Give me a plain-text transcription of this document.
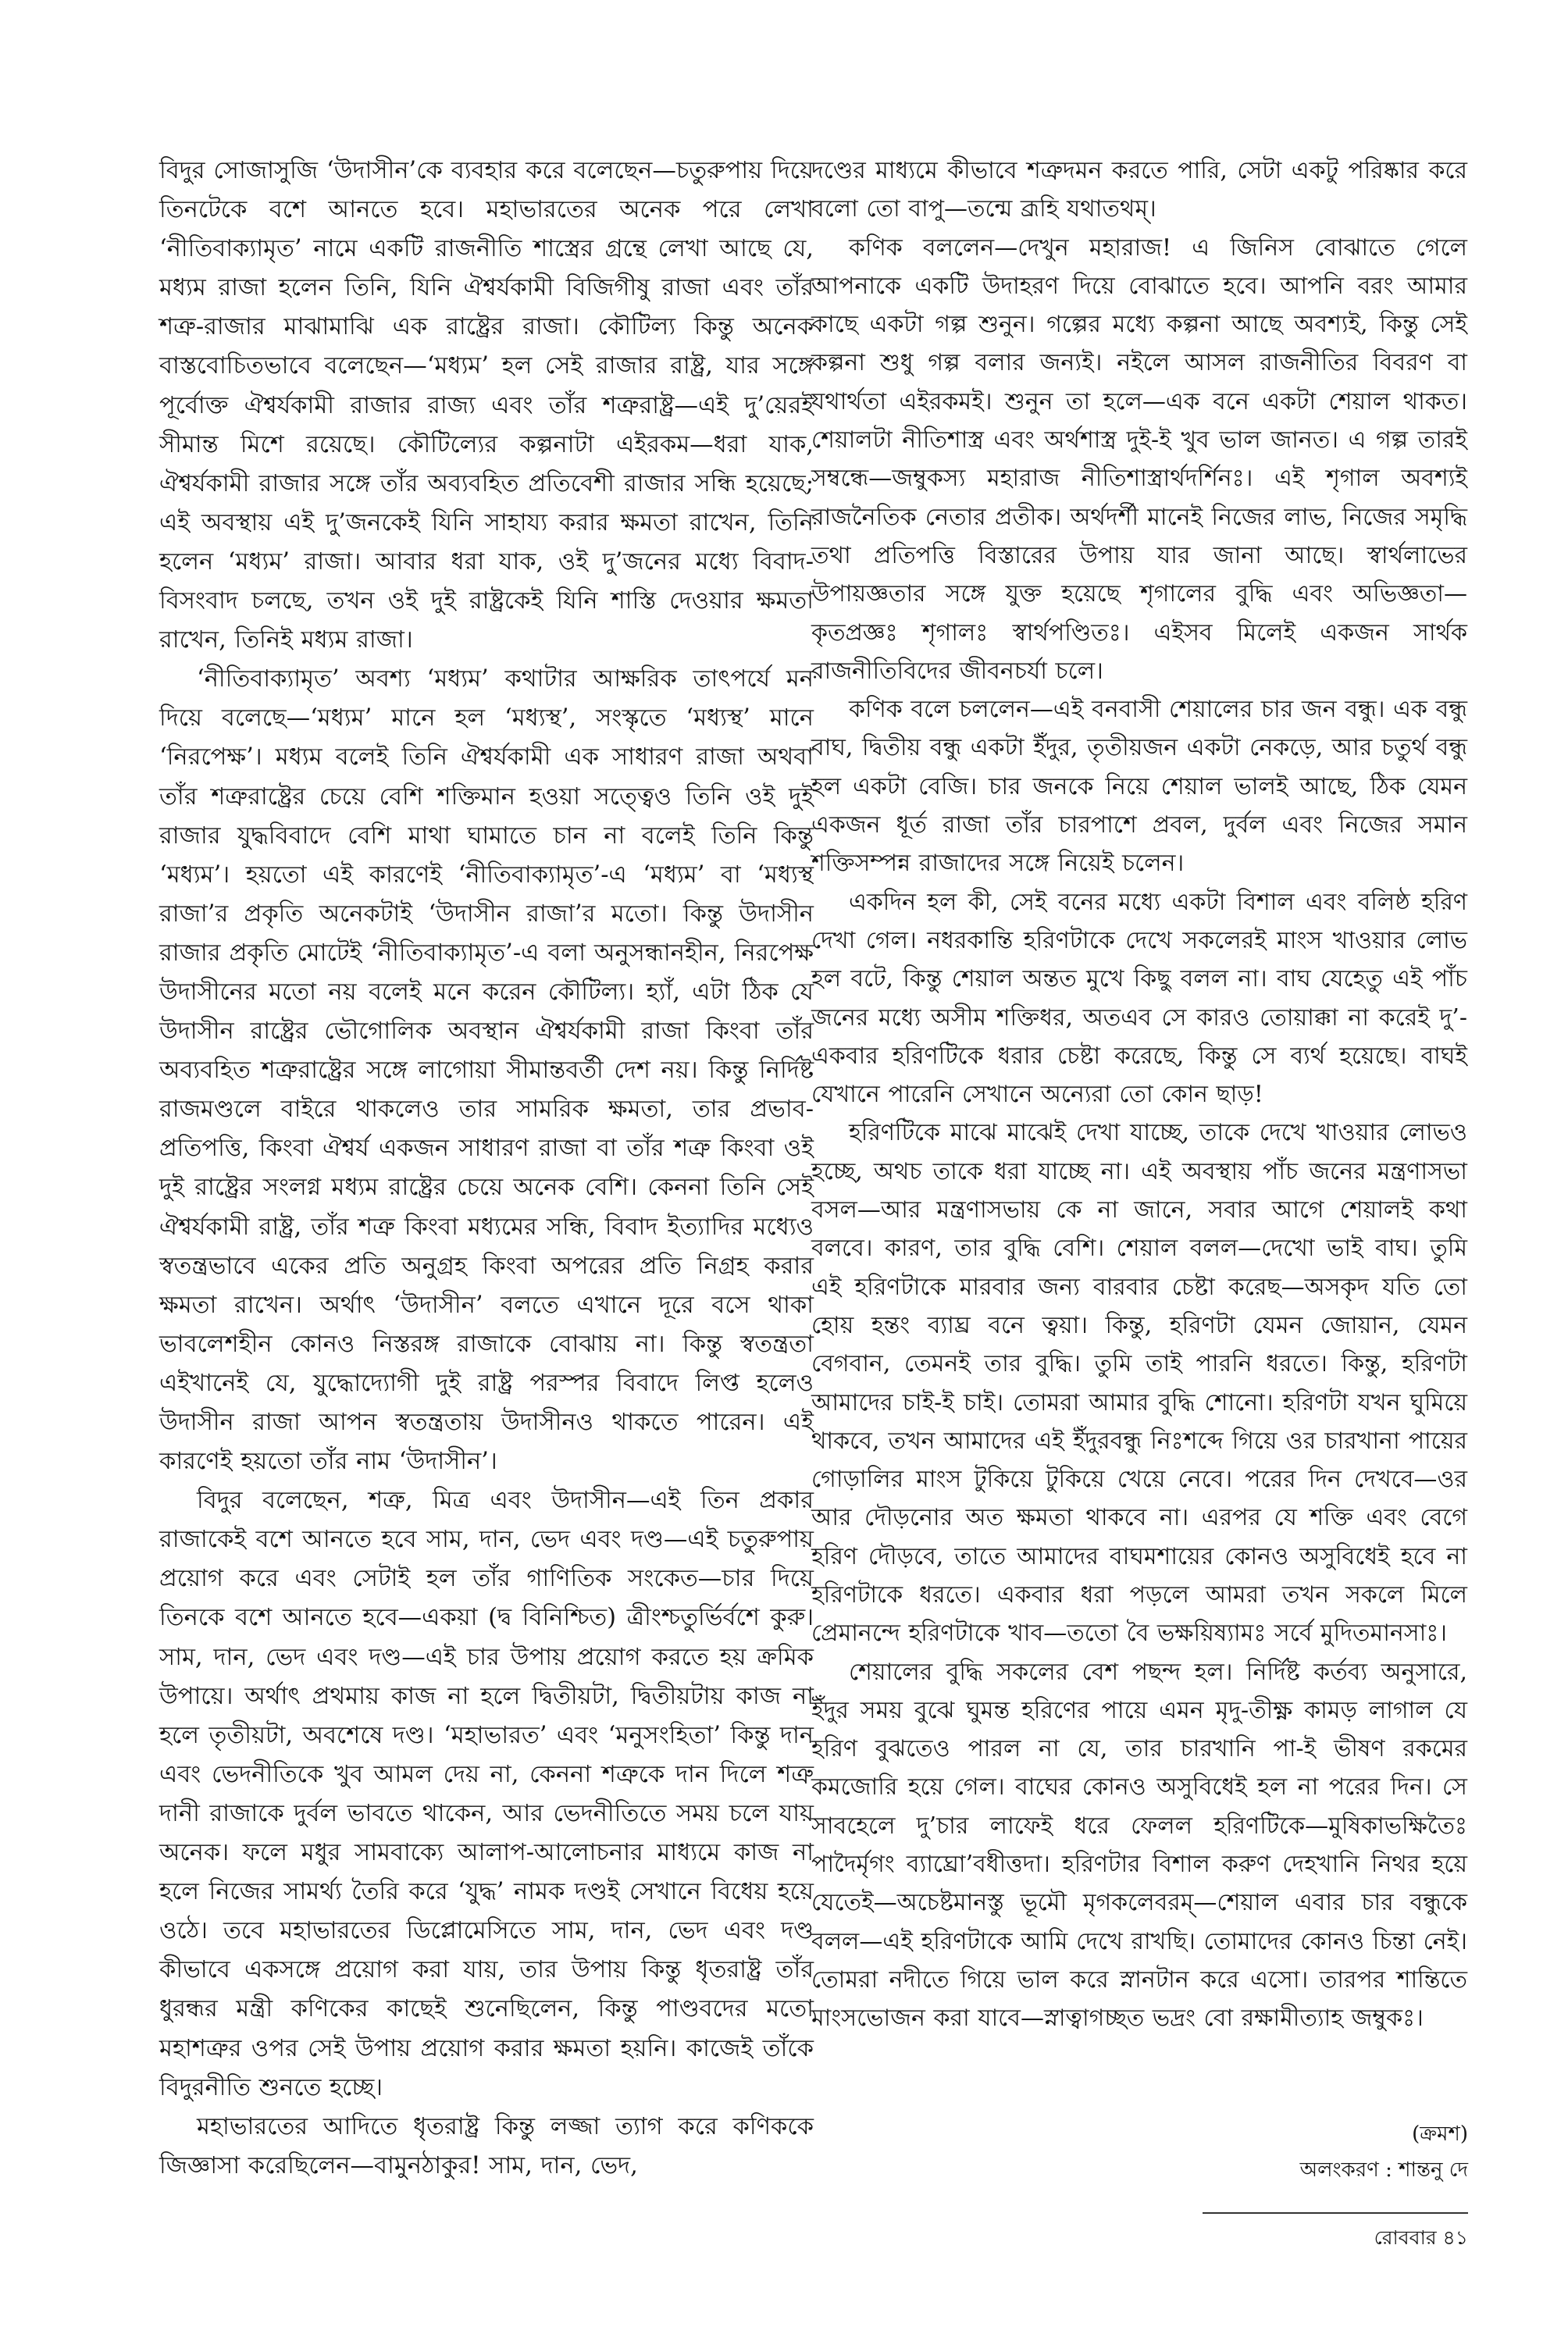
বিদুর সোজাসুজি ‘উদাসীন’কে ব্যবহার করে বলেছেন—চতুরুপায় দিয়ে তিনটেকে বশে আনতে হবে। মহাভারতের অনেক পরে লেখা ‘নীতিবাক্যামৃত’ নামে একটি রাজনীতি শাস্ত্রের গ্রন্থে লেখা আছে যে, মধ্যম রাজা হলেন তিনি, যিনি ঐশ্বর্যকামী বিজিগীষু রাজা এবং তাঁর শত্রু-রাজার মাঝামাঝি এক রাষ্ট্রের রাজা। কৌটিল্য কিন্তু অনেক বাস্তবোচিতভাবে বলেছেন—‘মধ্যম’ হল সেই রাজার রাষ্ট্র, যার সঙ্গে পূর্বোক্ত ঐশ্বর্যকামী রাজার রাজ্য এবং তাঁর শত্রুরাষ্ট্র—এই দু’য়েরই সীমান্ত মিশে রয়েছে। কৌটিল্যের কল্পনাটা এইরকম—ধরা যাক, ঐশ্বর্যকামী রাজার সঙ্গে তাঁর অব্যবহিত প্রতিবেশী রাজার সন্ধি হয়েছে; এই অবস্থায় এই দু’জনকেই যিনি সাহায্য করার ক্ষমতা রাখেন, তিনি হলেন ‘মধ্যম’ রাজা। আবার ধরা যাক, ওই দু’জনের মধ্যে বিবাদ-বিসংবাদ চলছে, তখন ওই দুই রাষ্ট্রকেই যিনি শাস্তি দেওয়ার ক্ষমতা রাখেন, তিনিই মধ্যম রাজা।

‘নীতিবাক্যামৃত’ অবশ্য ‘মধ্যম’ কথাটার আক্ষরিক তাৎপর্যে মন দিয়ে বলেছে—‘মধ্যম’ মানে হল ‘মধ্যস্থ’, সংস্কৃতে ‘মধ্যস্থ’ মানে ‘নিরপেক্ষ’। মধ্যম বলেই তিনি ঐশ্বর্যকামী এক সাধারণ রাজা অথবা তাঁর শত্রুরাষ্ট্রের চেয়ে বেশি শক্তিমান হওয়া সত্ত্বেও তিনি ওই দুই রাজার যুদ্ধবিবাদে বেশি মাথা ঘামাতে চান না বলেই তিনি কিন্তু ‘মধ্যম’। হয়তো এই কারণেই ‘নীতিবাক্যামৃত’-এ ‘মধ্যম’ বা ‘মধ্যস্থ রাজা’র প্রকৃতি অনেকটাই ‘উদাসীন রাজা’র মতো। কিন্তু উদাসীন রাজার প্রকৃতি মোটেই ‘নীতিবাক্যামৃত’-এ বলা অনুসন্ধানহীন, নিরপেক্ষ উদাসীনের মতো নয় বলেই মনে করেন কৌটিল্য। হ্যাঁ, এটা ঠিক যে উদাসীন রাষ্ট্রের ভৌগোলিক অবস্থান ঐশ্বর্যকামী রাজা কিংবা তাঁর অব্যবহিত শত্রুরাষ্ট্রের সঙ্গে লাগোয়া সীমান্তবর্তী দেশ নয়। কিন্তু নির্দিষ্ট রাজমণ্ডলে বাইরে থাকলেও তার সামরিক ক্ষমতা, তার প্রভাব-প্রতিপত্তি, কিংবা ঐশ্বর্য একজন সাধারণ রাজা বা তাঁর শত্রু কিংবা ওই দুই রাষ্ট্রের সংলগ্ন মধ্যম রাষ্ট্রের চেয়ে অনেক বেশি। কেননা তিনি সেই ঐশ্বর্যকামী রাষ্ট্র, তাঁর শত্রু কিংবা মধ্যমের সন্ধি, বিবাদ ইত্যাদির মধ্যেও স্বতন্ত্রভাবে একের প্রতি অনুগ্রহ কিংবা অপরের প্রতি নিগ্রহ করার ক্ষমতা রাখেন। অর্থাৎ ‘উদাসীন’ বলতে এখানে দূরে বসে থাকা ভাবলেশহীন কোনও নিস্তরঙ্গ রাজাকে বোঝায় না। কিন্তু স্বতন্ত্রতা এইখানেই যে, যুদ্ধোদ্যোগী দুই রাষ্ট্র পরস্পর বিবাদে লিপ্ত হলেও উদাসীন রাজা আপন স্বতন্ত্রতায় উদাসীনও থাকতে পারেন। এই কারণেই হয়তো তাঁর নাম ‘উদাসীন’।

বিদুর বলেছেন, শত্রু, মিত্র এবং উদাসীন—এই তিন প্রকার রাজাকেই বশে আনতে হবে সাম, দান, ভেদ এবং দণ্ড—এই চতুরুপায় প্রয়োগ করে এবং সেটাই হল তাঁর গাণিতিক সংকেত—চার দিয়ে তিনকে বশে আনতে হবে—একয়া (দ্ব বিনিশ্চিত) ত্রীংশ্চতুর্ভির্বশে কুরু। সাম, দান, ভেদ এবং দণ্ড—এই চার উপায় প্রয়োগ করতে হয় ক্রমিক উপায়ে। অর্থাৎ প্রথমায় কাজ না হলে দ্বিতীয়টা, দ্বিতীয়টায় কাজ না হলে তৃতীয়টা, অবশেষে দণ্ড। ‘মহাভারত’ এবং ‘মনুসংহিতা’ কিন্তু দান এবং ভেদনীতিকে খুব আমল দেয় না, কেননা শত্রুকে দান দিলে শত্রু দানী রাজাকে দুর্বল ভাবতে থাকেন, আর ভেদনীতিতে সময় চলে যায় অনেক। ফলে মধুর সামবাক্যে আলাপ-আলোচনার মাধ্যমে কাজ না হলে নিজের সামর্থ্য তৈরি করে ‘যুদ্ধ’ নামক দণ্ডই সেখানে বিধেয় হয়ে ওঠে। তবে মহাভারতের ডিপ্লোমেসিতে সাম, দান, ভেদ এবং দণ্ড কীভাবে একসঙ্গে প্রয়োগ করা যায়, তার উপায় কিন্তু ধৃতরাষ্ট্র তাঁর ধুরন্ধর মন্ত্রী কণিকের কাছেই শুনেছিলেন, কিন্তু পাণ্ডবদের মতো মহাশত্রুর ওপর সেই উপায় প্রয়োগ করার ক্ষমতা হয়নি। কাজেই তাঁকে বিদুরনীতি শুনতে হচ্ছে।

মহাভারতের আদিতে ধৃতরাষ্ট্র কিন্তু লজ্জা ত্যাগ করে কণিককে জিজ্ঞাসা করেছিলেন—বামুনঠাকুর! সাম, দান, ভেদ,

দণ্ডের মাধ্যমে কীভাবে শত্রুদমন করতে পারি, সেটা একটু পরিষ্কার করে বলো তো বাপু—তন্মে ব্রূহি যথাতথম্।

কণিক বললেন—দেখুন মহারাজ! এ জিনিস বোঝাতে গেলে আপনাকে একটি উদাহরণ দিয়ে বোঝাতে হবে। আপনি বরং আমার কাছে একটা গল্প শুনুন। গল্পের মধ্যে কল্পনা আছে অবশ্যই, কিন্তু সেই কল্পনা শুধু গল্প বলার জন্যই। নইলে আসল রাজনীতির বিবরণ বা যথার্থতা এইরকমই। শুনুন তা হলে—এক বনে একটা শেয়াল থাকত। শেয়ালটা নীতিশাস্ত্র এবং অর্থশাস্ত্র দুই-ই খুব ভাল জানত। এ গল্প তারই সম্বন্ধে—জম্বুকস্য মহারাজ নীতিশাস্ত্রার্থদর্শিনঃ। এই শৃগাল অবশ্যই রাজনৈতিক নেতার প্রতীক। অর্থদর্শী মানেই নিজের লাভ, নিজের সমৃদ্ধি তথা প্রতিপত্তি বিস্তারের উপায় যার জানা আছে। স্বার্থলাভের উপায়জ্ঞতার সঙ্গে যুক্ত হয়েছে শৃগালের বুদ্ধি এবং অভিজ্ঞতা—কৃতপ্রজ্ঞঃ শৃগালঃ স্বার্থপণ্ডিতঃ। এইসব মিলেই একজন সার্থক রাজনীতিবিদের জীবনচর্যা চলে।

কণিক বলে চললেন—এই বনবাসী শেয়ালের চার জন বন্ধু। এক বন্ধু বাঘ, দ্বিতীয় বন্ধু একটা ইঁদুর, তৃতীয়জন একটা নেকড়ে, আর চতুর্থ বন্ধু হল একটা বেজি। চার জনকে নিয়ে শেয়াল ভালই আছে, ঠিক যেমন একজন ধূর্ত রাজা তাঁর চারপাশে প্রবল, দুর্বল এবং নিজের সমান শক্তিসম্পন্ন রাজাদের সঙ্গে নিয়েই চলেন।

একদিন হল কী, সেই বনের মধ্যে একটা বিশাল এবং বলিষ্ঠ হরিণ দেখা গেল। নধরকান্তি হরিণটাকে দেখে সকলেরই মাংস খাওয়ার লোভ হল বটে, কিন্তু শেয়াল অন্তত মুখে কিছু বলল না। বাঘ যেহেতু এই পাঁচ জনের মধ্যে অসীম শক্তিধর, অতএব সে কারও তোয়াক্কা না করেই দু’-একবার হরিণটিকে ধরার চেষ্টা করেছে, কিন্তু সে ব্যর্থ হয়েছে। বাঘই যেখানে পারেনি সেখানে অন্যেরা তো কোন ছাড়!

হরিণটিকে মাঝে মাঝেই দেখা যাচ্ছে, তাকে দেখে খাওয়ার লোভও হচ্ছে, অথচ তাকে ধরা যাচ্ছে না। এই অবস্থায় পাঁচ জনের মন্ত্রণাসভা বসল—আর মন্ত্রণাসভায় কে না জানে, সবার আগে শেয়ালই কথা বলবে। কারণ, তার বুদ্ধি বেশি। শেয়াল বলল—দেখো ভাই বাঘ। তুমি এই হরিণটাকে মারবার জন্য বারবার চেষ্টা করেছ—অসকৃদ যতি তো হোয় হন্তং ব্যাঘ্র বনে ত্বয়া। কিন্তু, হরিণটা যেমন জোয়ান, যেমন বেগবান, তেমনই তার বুদ্ধি। তুমি তাই পারনি ধরতে। কিন্তু, হরিণটা আমাদের চাই-ই চাই। তোমরা আমার বুদ্ধি শোনো। হরিণটা যখন ঘুমিয়ে থাকবে, তখন আমাদের এই ইঁদুরবন্ধু নিঃশব্দে গিয়ে ওর চারখানা পায়ের গোড়ালির মাংস টুকিয়ে টুকিয়ে খেয়ে নেবে। পরের দিন দেখবে—ওর আর দৌড়নোর অত ক্ষমতা থাকবে না। এরপর যে শক্তি এবং বেগে হরিণ দৌড়বে, তাতে আমাদের বাঘমশায়ের কোনও অসুবিধেই হবে না হরিণটাকে ধরতে। একবার ধরা পড়লে আমরা তখন সকলে মিলে প্রেমানন্দে হরিণটাকে খাব—ততো বৈ ভক্ষয়িষ্যামঃ সর্বে মুদিতমানসাঃ।

শেয়ালের বুদ্ধি সকলের বেশ পছন্দ হল। নির্দিষ্ট কর্তব্য অনুসারে, ইঁদুর সময় বুঝে ঘুমন্ত হরিণের পায়ে এমন মৃদু-তীক্ষ্ণ কামড় লাগাল যে হরিণ বুঝতেও পারল না যে, তার চারখানি পা-ই ভীষণ রকমের কমজোরি হয়ে গেল। বাঘের কোনও অসুবিধেই হল না পরের দিন। সে সাবহেলে দু’চার লাফেই ধরে ফেলল হরিণটিকে—মুষিকাভক্ষিতৈঃ পাদৈর্মৃগং ব্যাঘ্রো’বধীত্তদা। হরিণটার বিশাল করুণ দেহখানি নিথর হয়ে যেতেই—অচেষ্টমানস্তু ভূমৌ মৃগকলেবরম্—শেয়াল এবার চার বন্ধুকে বলল—এই হরিণটাকে আমি দেখে রাখছি। তোমাদের কোনও চিন্তা নেই। তোমরা নদীতে গিয়ে ভাল করে স্নানটান করে এসো। তারপর শান্তিতে মাংসভোজন করা যাবে—স্নাত্বাগচ্ছত ভদ্রং বো রক্ষামীত্যাহ জম্বুকঃ।

(ক্রমশ)
অলংকরণ : শান্তনু দে
রোববার ৪১
